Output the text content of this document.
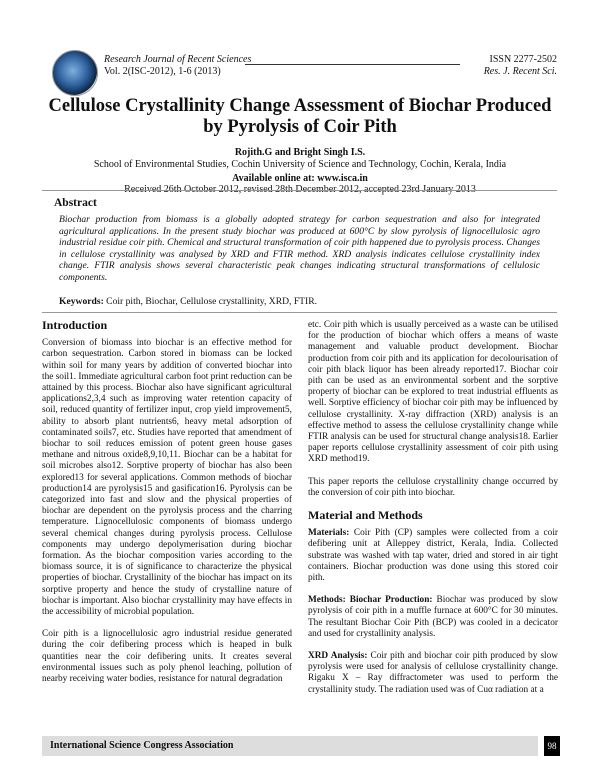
Research Journal of Recent Sciences
Vol. 2(ISC-2012), 1-6 (2013)
ISSN 2277-2502
Res. J. Recent Sci.
Cellulose Crystallinity Change Assessment of Biochar Produced by Pyrolysis of Coir Pith
Rojith.G and Bright Singh I.S.
School of Environmental Studies, Cochin University of Science and Technology, Cochin, Kerala, India
Available online at: www.isca.in
Received 26th October 2012, revised 28th December 2012, accepted 23rd January 2013
Abstract
Biochar production from biomass is a globally adopted strategy for carbon sequestration and also for integrated agricultural applications. In the present study biochar was produced at 600°C by slow pyrolysis of lignocellulosic agro industrial residue coir pith. Chemical and structural transformation of coir pith happened due to pyrolysis process. Changes in cellulose crystallinity was analysed by XRD and FTIR method. XRD analysis indicates cellulose crystallinity index change. FTIR analysis shows several characteristic peak changes indicating structural transformations of cellulosic components.
Keywords: Coir pith, Biochar, Cellulose crystallinity, XRD, FTIR.
Introduction

Conversion of biomass into biochar is an effective method for carbon sequestration. Carbon stored in biomass can be locked within soil for many years by addition of converted biochar into the soil1. Immediate agricultural carbon foot print reduction can be attained by this process. Biochar also have significant agricultural applications2,3,4 such as improving water retention capacity of soil, reduced quantity of fertilizer input, crop yield improvement5, ability to absorb plant nutrients6, heavy metal adsorption of contaminated soils7, etc. Studies have reported that amendment of biochar to soil reduces emission of potent green house gases methane and nitrous oxide8,9,10,11. Biochar can be a habitat for soil microbes also12. Sorptive property of biochar has also been explored13 for several applications. Common methods of biochar production14 are pyrolysis15 and gasification16. Pyrolysis can be categorized into fast and slow and the physical properties of biochar are dependent on the pyrolysis process and the charring temperature. Lignocellulosic components of biomass undergo several chemical changes during pyrolysis process. Cellulose components may undergo depolymerisation during biochar formation. As the biochar composition varies according to the biomass source, it is of significance to characterize the physical properties of biochar. Crystallinity of the biochar has impact on its sorptive property and hence the study of crystalline nature of biochar is important. Also biochar crystallinity may have effects in the accessibility of microbial population.

Coir pith is a lignocellulosic agro industrial residue generated during the coir defibering process which is heaped in bulk quantities near the coir defibering units. It creates several environmental issues such as poly phenol leaching, pollution of nearby receiving water bodies, resistance for natural degradation

etc. Coir pith which is usually perceived as a waste can be utilised for the production of biochar which offers a means of waste management and valuable product development. Biochar production from coir pith and its application for decolourisation of coir pith black liquor has been already reported17. Biochar coir pith can be used as an environmental sorbent and the sorptive property of biochar can be explored to treat industrial effluents as well. Sorptive efficiency of biochar coir pith may be influenced by cellulose crystallinity. X-ray diffraction (XRD) analysis is an effective method to assess the cellulose crystallinity change while FTIR analysis can be used for structural change analysis18. Earlier paper reports cellulose crystallinity assessment of coir pith using XRD method19.

This paper reports the cellulose crystallinity change occurred by the conversion of coir pith into biochar.

Material and Methods

Materials: Coir Pith (CP) samples were collected from a coir defibering unit at Alleppey district, Kerala, India. Collected substrate was washed with tap water, dried and stored in air tight containers. Biochar production was done using this stored coir pith.

Methods: Biochar Production: Biochar was produced by slow pyrolysis of coir pith in a muffle furnace at 600°C for 30 minutes. The resultant Biochar Coir Pith (BCP) was cooled in a decicator and used for crystallinity analysis.

XRD Analysis: Coir pith and biochar coir pith produced by slow pyrolysis were used for analysis of cellulose crystallinity change. Rigaku X – Ray diffractometer was used to perform the crystallinity study. The radiation used was of Cuα radiation at a

International Science Congress Association	98
